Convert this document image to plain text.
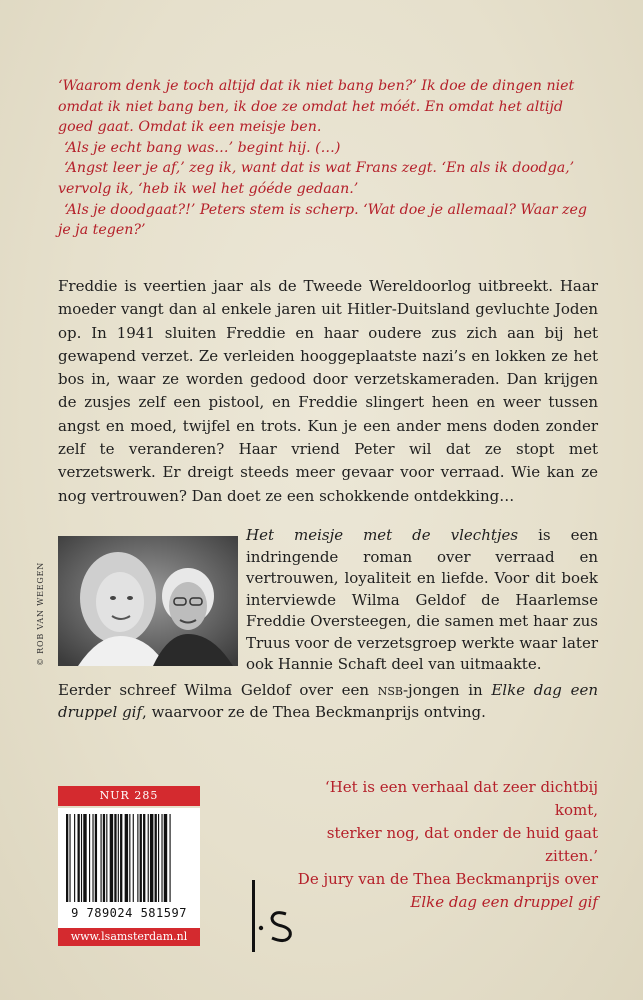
‘Waarom denk je toch altijd dat ik niet bang ben?’ Ik doe de dingen niet omdat ik niet bang ben, ik doe ze omdat het móét. En omdat het altijd goed gaat. Omdat ik een meisje ben.

‘Als je echt bang was…’ begint hij. (…)

‘Angst leer je af,’ zeg ik, want dat is wat Frans zegt. ‘En als ik doodga,’ vervolg ik, ‘heb ik wel het góéde gedaan.’

‘Als je doodgaat?!’ Peters stem is scherp. ‘Wat doe je allemaal? Waar zeg je ja tegen?’

Freddie is veertien jaar als de Tweede Wereldoorlog uitbreekt. Haar moeder vangt dan al enkele jaren uit Hitler-Duitsland gevluchte Joden op. In 1941 sluiten Freddie en haar oudere zus zich aan bij het gewapend verzet. Ze verleiden hooggeplaatste nazi’s en lokken ze het bos in, waar ze worden gedood door verzetskameraden. Dan krijgen de zusjes zelf een pistool, en Freddie slingert heen en weer tussen angst en moed, twijfel en trots. Kun je een ander mens doden zonder zelf te veranderen? Haar vriend Peter wil dat ze stopt met verzetswerk. Er dreigt steeds meer gevaar voor verraad. Wie kan ze nog vertrouwen? Dan doet ze een schokkende ontdekking…

© ROB VAN WEEGEN

Het meisje met de vlechtjes is een indringende roman over verraad en vertrouwen, loyaliteit en liefde. Voor dit boek interviewde Wilma Geldof de Haarlemse Freddie Oversteegen, die samen met haar zus Truus voor de verzetsgroep werkte waar later ook Hannie Schaft deel van uitmaakte.

Eerder schreef Wilma Geldof over een nsb-jongen in Elke dag een druppel gif, waarvoor ze de Thea Beckmanprijs ontving.

‘Het is een verhaal dat zeer dichtbij komt,

sterker nog, dat onder de huid gaat zitten.’

De jury van de Thea Beckmanprijs over

Elke dag een druppel gif

NUR 285
9 789024 581597
www.lsamsterdam.nl
